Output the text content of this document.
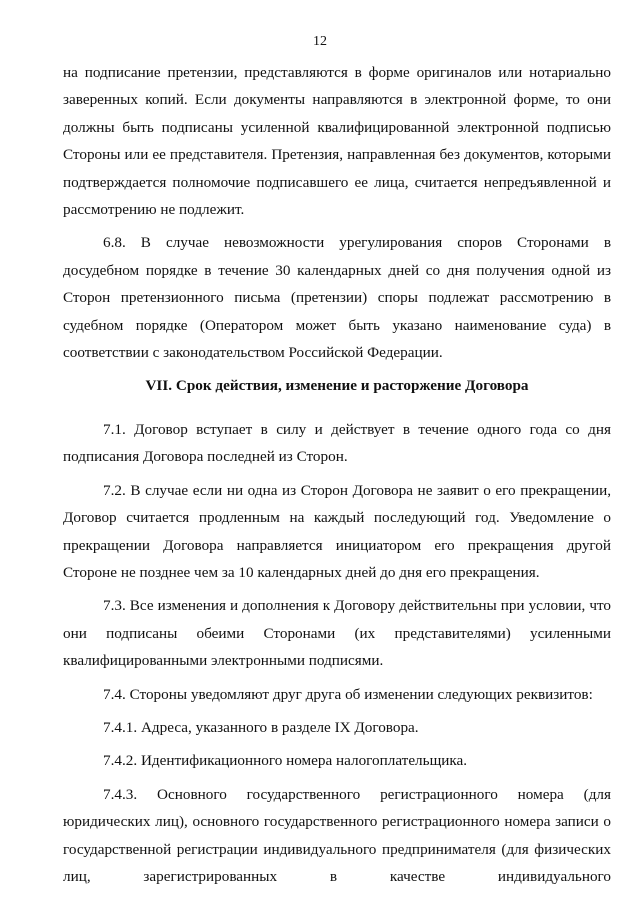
12

на подписание претензии, представляются в форме оригиналов или нотариально заверенных копий. Если документы направляются в электронной форме, то они должны быть подписаны усиленной квалифицированной электронной подписью Стороны или ее представителя. Претензия, направленная без документов, которыми подтверждается полномочие подписавшего ее лица, считается непредъявленной и рассмотрению не подлежит.

6.8. В случае невозможности урегулирования споров Сторонами в досудебном порядке в течение 30 календарных дней со дня получения одной из Сторон претензионного письма (претензии) споры подлежат рассмотрению в судебном порядке (Оператором может быть указано наименование суда) в соответствии с законодательством Российской Федерации.

VII. Срок действия, изменение и расторжение Договора

7.1. Договор вступает в силу и действует в течение одного года со дня подписания Договора последней из Сторон.

7.2. В случае если ни одна из Сторон Договора не заявит о его прекращении, Договор считается продленным на каждый последующий год. Уведомление о прекращении Договора направляется инициатором его прекращения другой Стороне не позднее чем за 10 календарных дней до дня его прекращения.

7.3. Все изменения и дополнения к Договору действительны при условии, что они подписаны обеими Сторонами (их представителями) усиленными квалифицированными электронными подписями.

7.4. Стороны уведомляют друг друга об изменении следующих реквизитов:

7.4.1. Адреса, указанного в разделе IX Договора.

7.4.2. Идентификационного номера налогоплательщика.

7.4.3. Основного государственного регистрационного номера (для юридических лиц), основного государственного регистрационного номера записи о государственной регистрации индивидуального предпринимателя (для физических лиц, зарегистрированных в качестве индивидуального
